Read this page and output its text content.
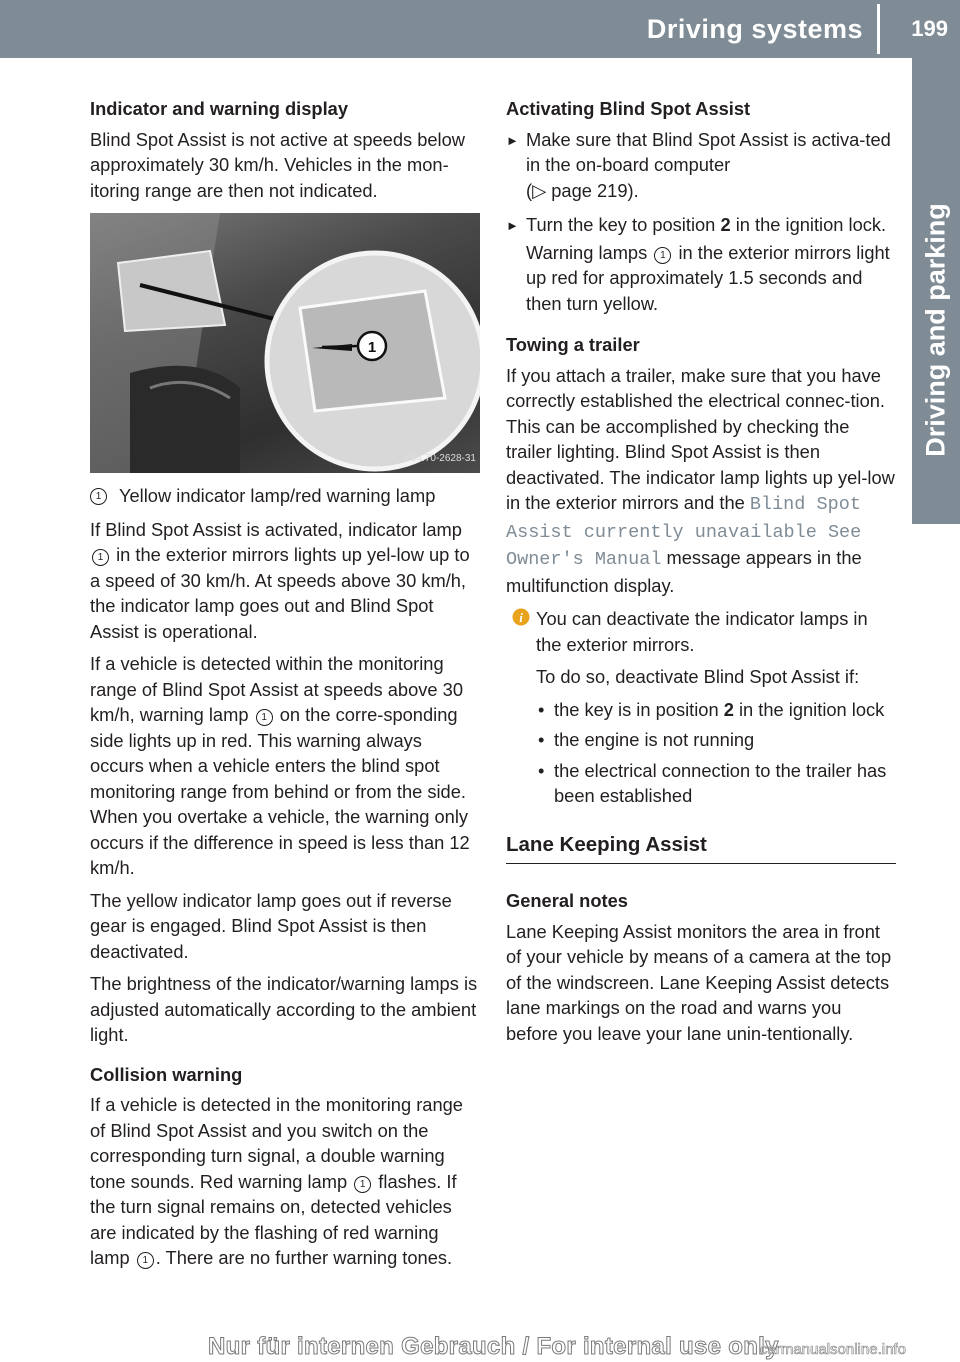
Driving systems	199
Driving and parking
Indicator and warning display

Blind Spot Assist is not active at speeds below approximately 30 km/h. Vehicles in the mon-itoring range are then not indicated.

1
P54.70-2628-31
1 Yellow indicator lamp/red warning lamp

If Blind Spot Assist is activated, indicator lamp 1 in the exterior mirrors lights up yel-low up to a speed of 30 km/h. At speeds above 30 km/h, the indicator lamp goes out and Blind Spot Assist is operational.

If a vehicle is detected within the monitoring range of Blind Spot Assist at speeds above 30 km/h, warning lamp 1 on the corre-sponding side lights up in red. This warning always occurs when a vehicle enters the blind spot monitoring range from behind or from the side. When you overtake a vehicle, the warning only occurs if the difference in speed is less than 12 km/h.

The yellow indicator lamp goes out if reverse gear is engaged. Blind Spot Assist is then deactivated.

The brightness of the indicator/warning lamps is adjusted automatically according to the ambient light.

Collision warning

If a vehicle is detected in the monitoring range of Blind Spot Assist and you switch on the corresponding turn signal, a double warning tone sounds. Red warning lamp 1 flashes. If the turn signal remains on, detected vehicles are indicated by the flashing of red warning lamp 1 . There are no further warning tones.

Activating Blind Spot Assist
► Make sure that Blind Spot Assist is activa-ted in the on-board computer
(▷ page 219).
► Turn the key to position 2 in the ignition lock.
Warning lamps 1 in the exterior mirrors light up red for approximately 1.5 seconds and then turn yellow.
Towing a trailer

If you attach a trailer, make sure that you have correctly established the electrical connec-tion. This can be accomplished by checking the trailer lighting. Blind Spot Assist is then deactivated. The indicator lamp lights up yel-low in the exterior mirrors and the Blind Spot Assist currently unavailable See Owner's Manual message appears in the multifunction display.

i You can deactivate the indicator lamps in the exterior mirrors.

To do so, deactivate Blind Spot Assist if:

• the key is in position 2 in the ignition lock
• the engine is not running
• the electrical connection to the trailer has been established
Lane Keeping Assist
General notes

Lane Keeping Assist monitors the area in front of your vehicle by means of a camera at the top of the windscreen. Lane Keeping Assist detects lane markings on the road and warns you before you leave your lane unin-tentionally.

Nur für internen Gebrauch / For internal use only
carmanualsonline.info
